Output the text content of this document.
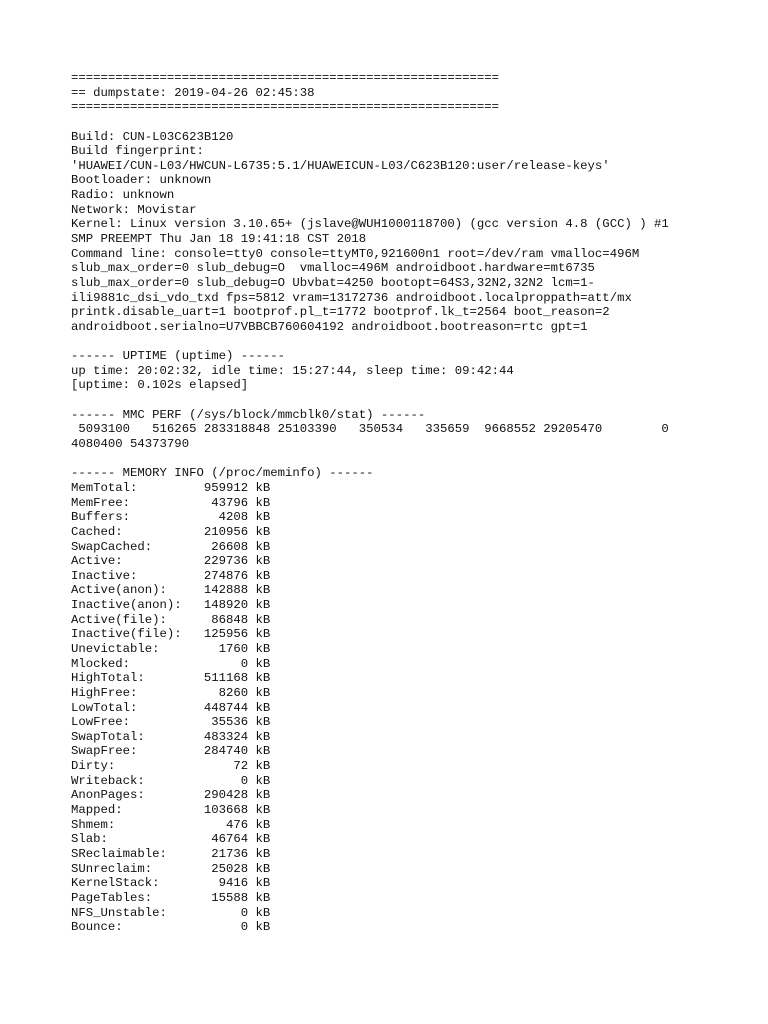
==========================================================
== dumpstate: 2019-04-26 02:45:38
==========================================================
Build: CUN-L03C623B120
Build fingerprint:
'HUAWEI/CUN-L03/HWCUN-L6735:5.1/HUAWEICUN-L03/C623B120:user/release-keys'
Bootloader: unknown
Radio: unknown
Network: Movistar
Kernel: Linux version 3.10.65+ (jslave@WUH1000118700) (gcc version 4.8 (GCC) ) #1
SMP PREEMPT Thu Jan 18 19:41:18 CST 2018
Command line: console=tty0 console=ttyMT0,921600n1 root=/dev/ram vmalloc=496M
slub_max_order=0 slub_debug=O  vmalloc=496M androidboot.hardware=mt6735
slub_max_order=0 slub_debug=O Ubvbat=4250 bootopt=64S3,32N2,32N2 lcm=1-
ili9881c_dsi_vdo_txd fps=5812 vram=13172736 androidboot.localproppath=att/mx
printk.disable_uart=1 bootprof.pl_t=1772 bootprof.lk_t=2564 boot_reason=2
androidboot.serialno=U7VBBCB760604192 androidboot.bootreason=rtc gpt=1
------ UPTIME (uptime) ------
up time: 20:02:32, idle time: 15:27:44, sleep time: 09:42:44
[uptime: 0.102s elapsed]
------ MMC PERF (/sys/block/mmcblk0/stat) ------
5093100   516265 283318848 25103390   350534   335659  9668552 29205470        0
4080400 54373790
------ MEMORY INFO (/proc/meminfo) ------
MemTotal:         959912 kB
MemFree:           43796 kB
Buffers:            4208 kB
Cached:           210956 kB
SwapCached:        26608 kB
Active:           229736 kB
Inactive:         274876 kB
Active(anon):     142888 kB
Inactive(anon):   148920 kB
Active(file):      86848 kB
Inactive(file):   125956 kB
Unevictable:        1760 kB
Mlocked:               0 kB
HighTotal:        511168 kB
HighFree:           8260 kB
LowTotal:         448744 kB
LowFree:           35536 kB
SwapTotal:        483324 kB
SwapFree:         284740 kB
Dirty:                72 kB
Writeback:             0 kB
AnonPages:        290428 kB
Mapped:           103668 kB
Shmem:               476 kB
Slab:              46764 kB
SReclaimable:      21736 kB
SUnreclaim:        25028 kB
KernelStack:        9416 kB
PageTables:        15588 kB
NFS_Unstable:          0 kB
Bounce:                0 kB
